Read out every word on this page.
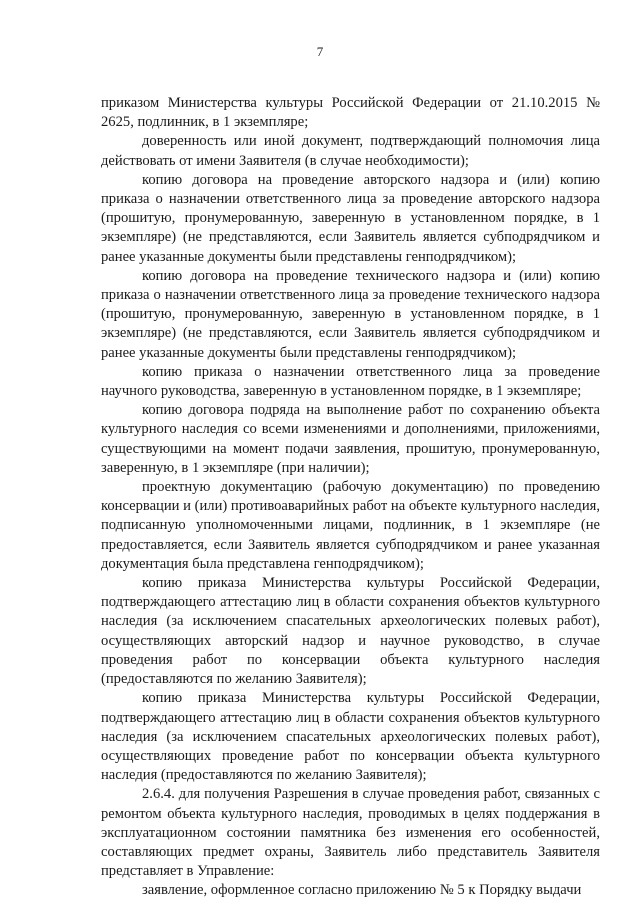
7

приказом Министерства культуры Российской Федерации от 21.10.2015 № 2625, подлинник, в 1 экземпляре;

доверенность или иной документ, подтверждающий полномочия лица действовать от имени Заявителя (в случае необходимости);

копию договора на проведение авторского надзора и (или) копию приказа о назначении ответственного лица за проведение авторского надзора (прошитую, пронумерованную, заверенную в установленном порядке, в 1 экземпляре) (не представляются, если Заявитель является субподрядчиком и ранее указанные документы были представлены генподрядчиком);

копию договора на проведение технического надзора и (или) копию приказа о назначении ответственного лица за проведение технического надзора (прошитую, пронумерованную, заверенную в установленном порядке, в 1 экземпляре) (не представляются, если Заявитель является субподрядчиком и ранее указанные документы были представлены генподрядчиком);

копию приказа о назначении ответственного лица за проведение научного руководства, заверенную в установленном порядке, в 1 экземпляре;

копию договора подряда на выполнение работ по сохранению объекта культурного наследия со всеми изменениями и дополнениями, приложениями, существующими на момент подачи заявления, прошитую, пронумерованную, заверенную, в 1 экземпляре (при наличии);

проектную документацию (рабочую документацию) по проведению консервации и (или) противоаварийных работ на объекте культурного наследия, подписанную уполномоченными лицами, подлинник, в 1 экземпляре (не предоставляется, если Заявитель является субподрядчиком и ранее указанная документация была представлена генподрядчиком);

копию приказа Министерства культуры Российской Федерации, подтверждающего аттестацию лиц в области сохранения объектов культурного наследия (за исключением спасательных археологических полевых работ), осуществляющих авторский надзор и научное руководство, в случае проведения работ по консервации объекта культурного наследия (предоставляются по желанию Заявителя);

копию приказа Министерства культуры Российской Федерации, подтверждающего аттестацию лиц в области сохранения объектов культурного наследия (за исключением спасательных археологических полевых работ), осуществляющих проведение работ по консервации объекта культурного наследия (предоставляются по желанию Заявителя);

2.6.4. для получения Разрешения в случае проведения работ, связанных с ремонтом объекта культурного наследия, проводимых в целях поддержания в эксплуатационном состоянии памятника без изменения его особенностей, составляющих предмет охраны, Заявитель либо представитель Заявителя представляет в Управление:

заявление, оформленное согласно приложению № 5 к Порядку выдачи
